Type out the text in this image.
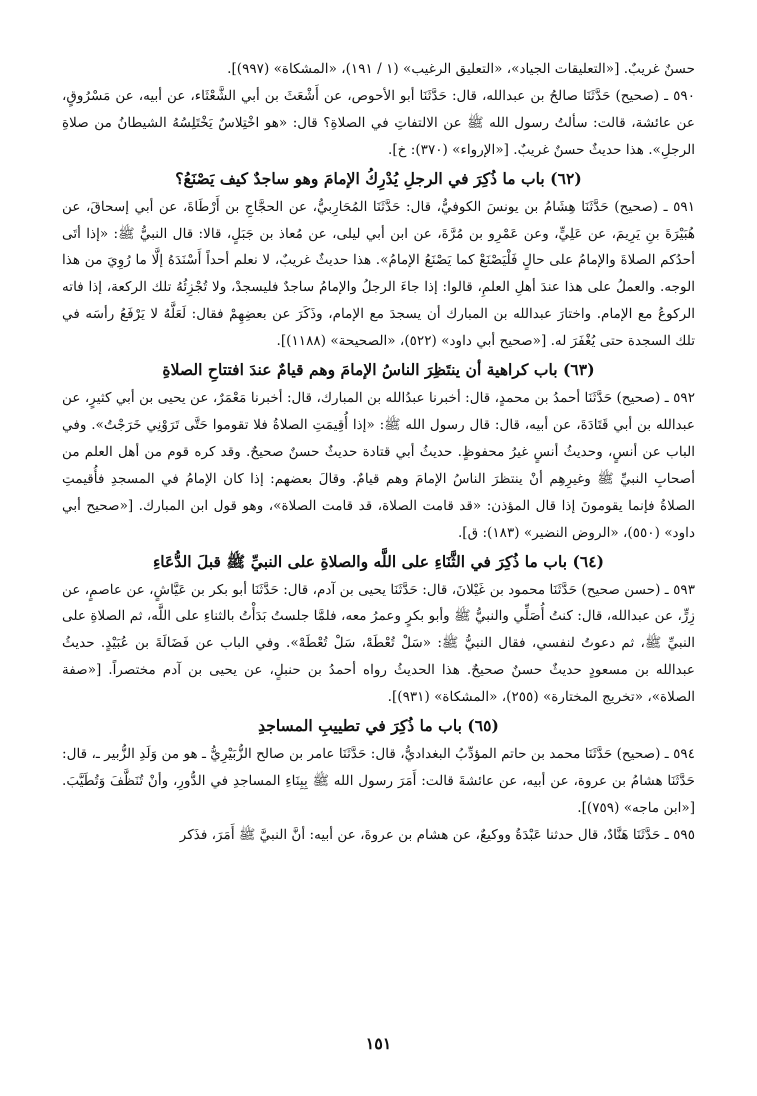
حسنٌ غريبٌ. [«التعليقات الجياد»، «التعليق الرغيب» (١ / ١٩١)، «المشكاة» (٩٩٧)].

٥٩٠ ـ (صحيح) حَدَّثَنَا صالحُ بن عبدالله، قال: حَدَّثَنَا أبو الأحوص، عن أَشْعَثَ بن أبي الشَّعْثَاء، عن أبيه، عن مَسْرُوقٍ، عن عائشة، قالت: سألتُ رسول الله ﷺ عن الالتفاتِ في الصلاةِ؟ قال: «هو اخْتِلاسٌ يَخْتَلِسُهُ الشيطانُ من صلاةِ الرجلِ». هذا حديثٌ حسنٌ غريبٌ. [«الإرواء» (٣٧٠): خ].

(٦٢) باب ما ذُكِرَ في الرجلِ يُدْرِكُ الإمامَ وهو ساجدٌ كيف يَصْنَعُ؟

٥٩١ ـ (صحيح) حَدَّثَنَا هِشَامُ بن يونسَ الكوفيُّ، قال: حَدَّثَنَا المُحَارِبيُّ، عن الحجَّاجِ بن أَرْطَاةَ، عن أبي إسحاقَ، عن هُبَيْرَةَ بنِ يَرِيمَ، عن عَلِيٍّ، وعن عَمْرِو بن مُرَّةَ، عن ابن أبي ليلى، عن مُعاذ بن جَبَلٍ، قالا: قال النبيُّ ﷺ: «إذا أتَى أحدُكم الصلاةَ والإمامُ على حالٍ فَلْيَصْنَعْ كما يَصْنَعُ الإمامُ». هذا حديثٌ غريبٌ، لا نعلم أحداً أَسْنَدَهُ إلَّا ما رُوِيَ من هذا الوجه. والعملُ على هذا عندَ أهلِ العلمِ، قالوا: إذا جاءَ الرجلُ والإمامُ ساجدٌ فليسجدْ، ولا تُجْزِئُهُ تلك الركعة، إذا فاته الركوعُ مع الإمام. واختارَ عبدالله بن المبارك أن يسجدَ مع الإمام، وذَكَرَ عن بعضِهِمْ فقال: لَعَلَّهُ لا يَرْفَعُ رأسَه في تلك السجدة حتى يُغْفَرَ له. [«صحيح أبي داود» (٥٢٢)، «الصحيحة» (١١٨٨)].

(٦٣) باب كراهية أن ينتَظِرَ الناسُ الإمامَ وهم قيامٌ عندَ افتتاحِ الصلاةِ

٥٩٢ ـ (صحيح) حَدَّثَنَا أحمدُ بن محمدٍ، قال: أخبرنا عبدُالله بن المبارك، قال: أخبرنا مَعْمَرٌ، عن يحيى بن أبي كثيرٍ، عن عبدالله بن أبي قَتَادَةَ، عن أبيه، قال: قال رسول الله ﷺ: «إذا أُقِيمَتِ الصلاةُ فلا تقوموا حَتَّى تَرَوْنِي خَرَجْتُ». وفي الباب عن أنسٍ، وحديثُ أنسٍ غيرُ محفوظٍ. حديثُ أبي قتادة حديثٌ حسنٌ صحيحٌ. وقد كره قوم من أهل العلم من أصحابِ النبيِّ ﷺ وغيرِهِم أنْ ينتظرَ الناسُ الإمامَ وهم قيامٌ. وقالَ بعضهم: إذا كان الإمامُ في المسجدِ فأُقيمتِ الصلاةُ فإنما يقومونَ إذا قال المؤذن: «قد قامت الصلاة، قد قامت الصلاة»، وهو قول ابن المبارك. [«صحيح أبي داود» (٥٥٠)، «الروض النضير» (١٨٣): ق].

(٦٤) باب ما ذُكِرَ في الثَّنَاءِ على اللَّه والصلاةِ على النبيِّ ﷺ قبلَ الدُّعَاءِ

٥٩٣ ـ (حسن صحيح) حَدَّثَنَا محمود بن غَيْلانَ، قال: حَدَّثَنَا يحيى بن آدم، قال: حَدَّثَنَا أبو بكر بن عَيَّاشٍ، عن عاصمٍ، عن زِرٍّ، عن عبدالله، قال: كنتُ أُصَلِّي والنبيُّ ﷺ وأبو بكرٍ وعمرُ معه، فلمَّا جلستُ بَدَأْتُ بالثناءِ على اللَّه، ثم الصلاةِ على النبيِّ ﷺ، ثم دعوتُ لنفسي، فقال النبيُّ ﷺ: «سَلْ تُعْطَهْ، سَلْ تُعْطَهْ». وفي الباب عن فَضَالَةَ بن عُبَيْدٍ. حديثُ عبدالله بن مسعودٍ حديثٌ حسنٌ صحيحٌ. هذا الحديثُ رواه أحمدُ بن حنبلٍ، عن يحيى بن آدم مختصراً. [«صفة الصلاة»، «تخريج المختارة» (٢٥٥)، «المشكاة» (٩٣١)].

(٦٥) باب ما ذُكِرَ في تطييبِ المساجدِ

٥٩٤ ـ (صحيح) حَدَّثَنَا محمد بن حاتم المؤدِّبُ البغداديُّ، قال: حَدَّثَنَا عامر بن صالح الزُّبَيْرِيُّ ـ هو من وَلَدِ الزُّبير ـ، قال: حَدَّثَنَا هشامُ بن عروة، عن أبيه، عن عائشةَ قالت: أَمَرَ رسول الله ﷺ بِبِنَاءِ المساجدِ في الدُّورِ، وأنْ تُنَظَّفَ وَتُطَيَّبَ. [«ابن ماجه» (٧٥٩)].

٥٩٥ ـ حَدَّثَنَا هَنَّادٌ، قال حدثنا عَبْدَةُ ووكيعٌ، عن هشام بن عروةَ، عن أبيه: أنَّ النبيَّ ﷺ أَمَرَ، فذَكر

١٥١
